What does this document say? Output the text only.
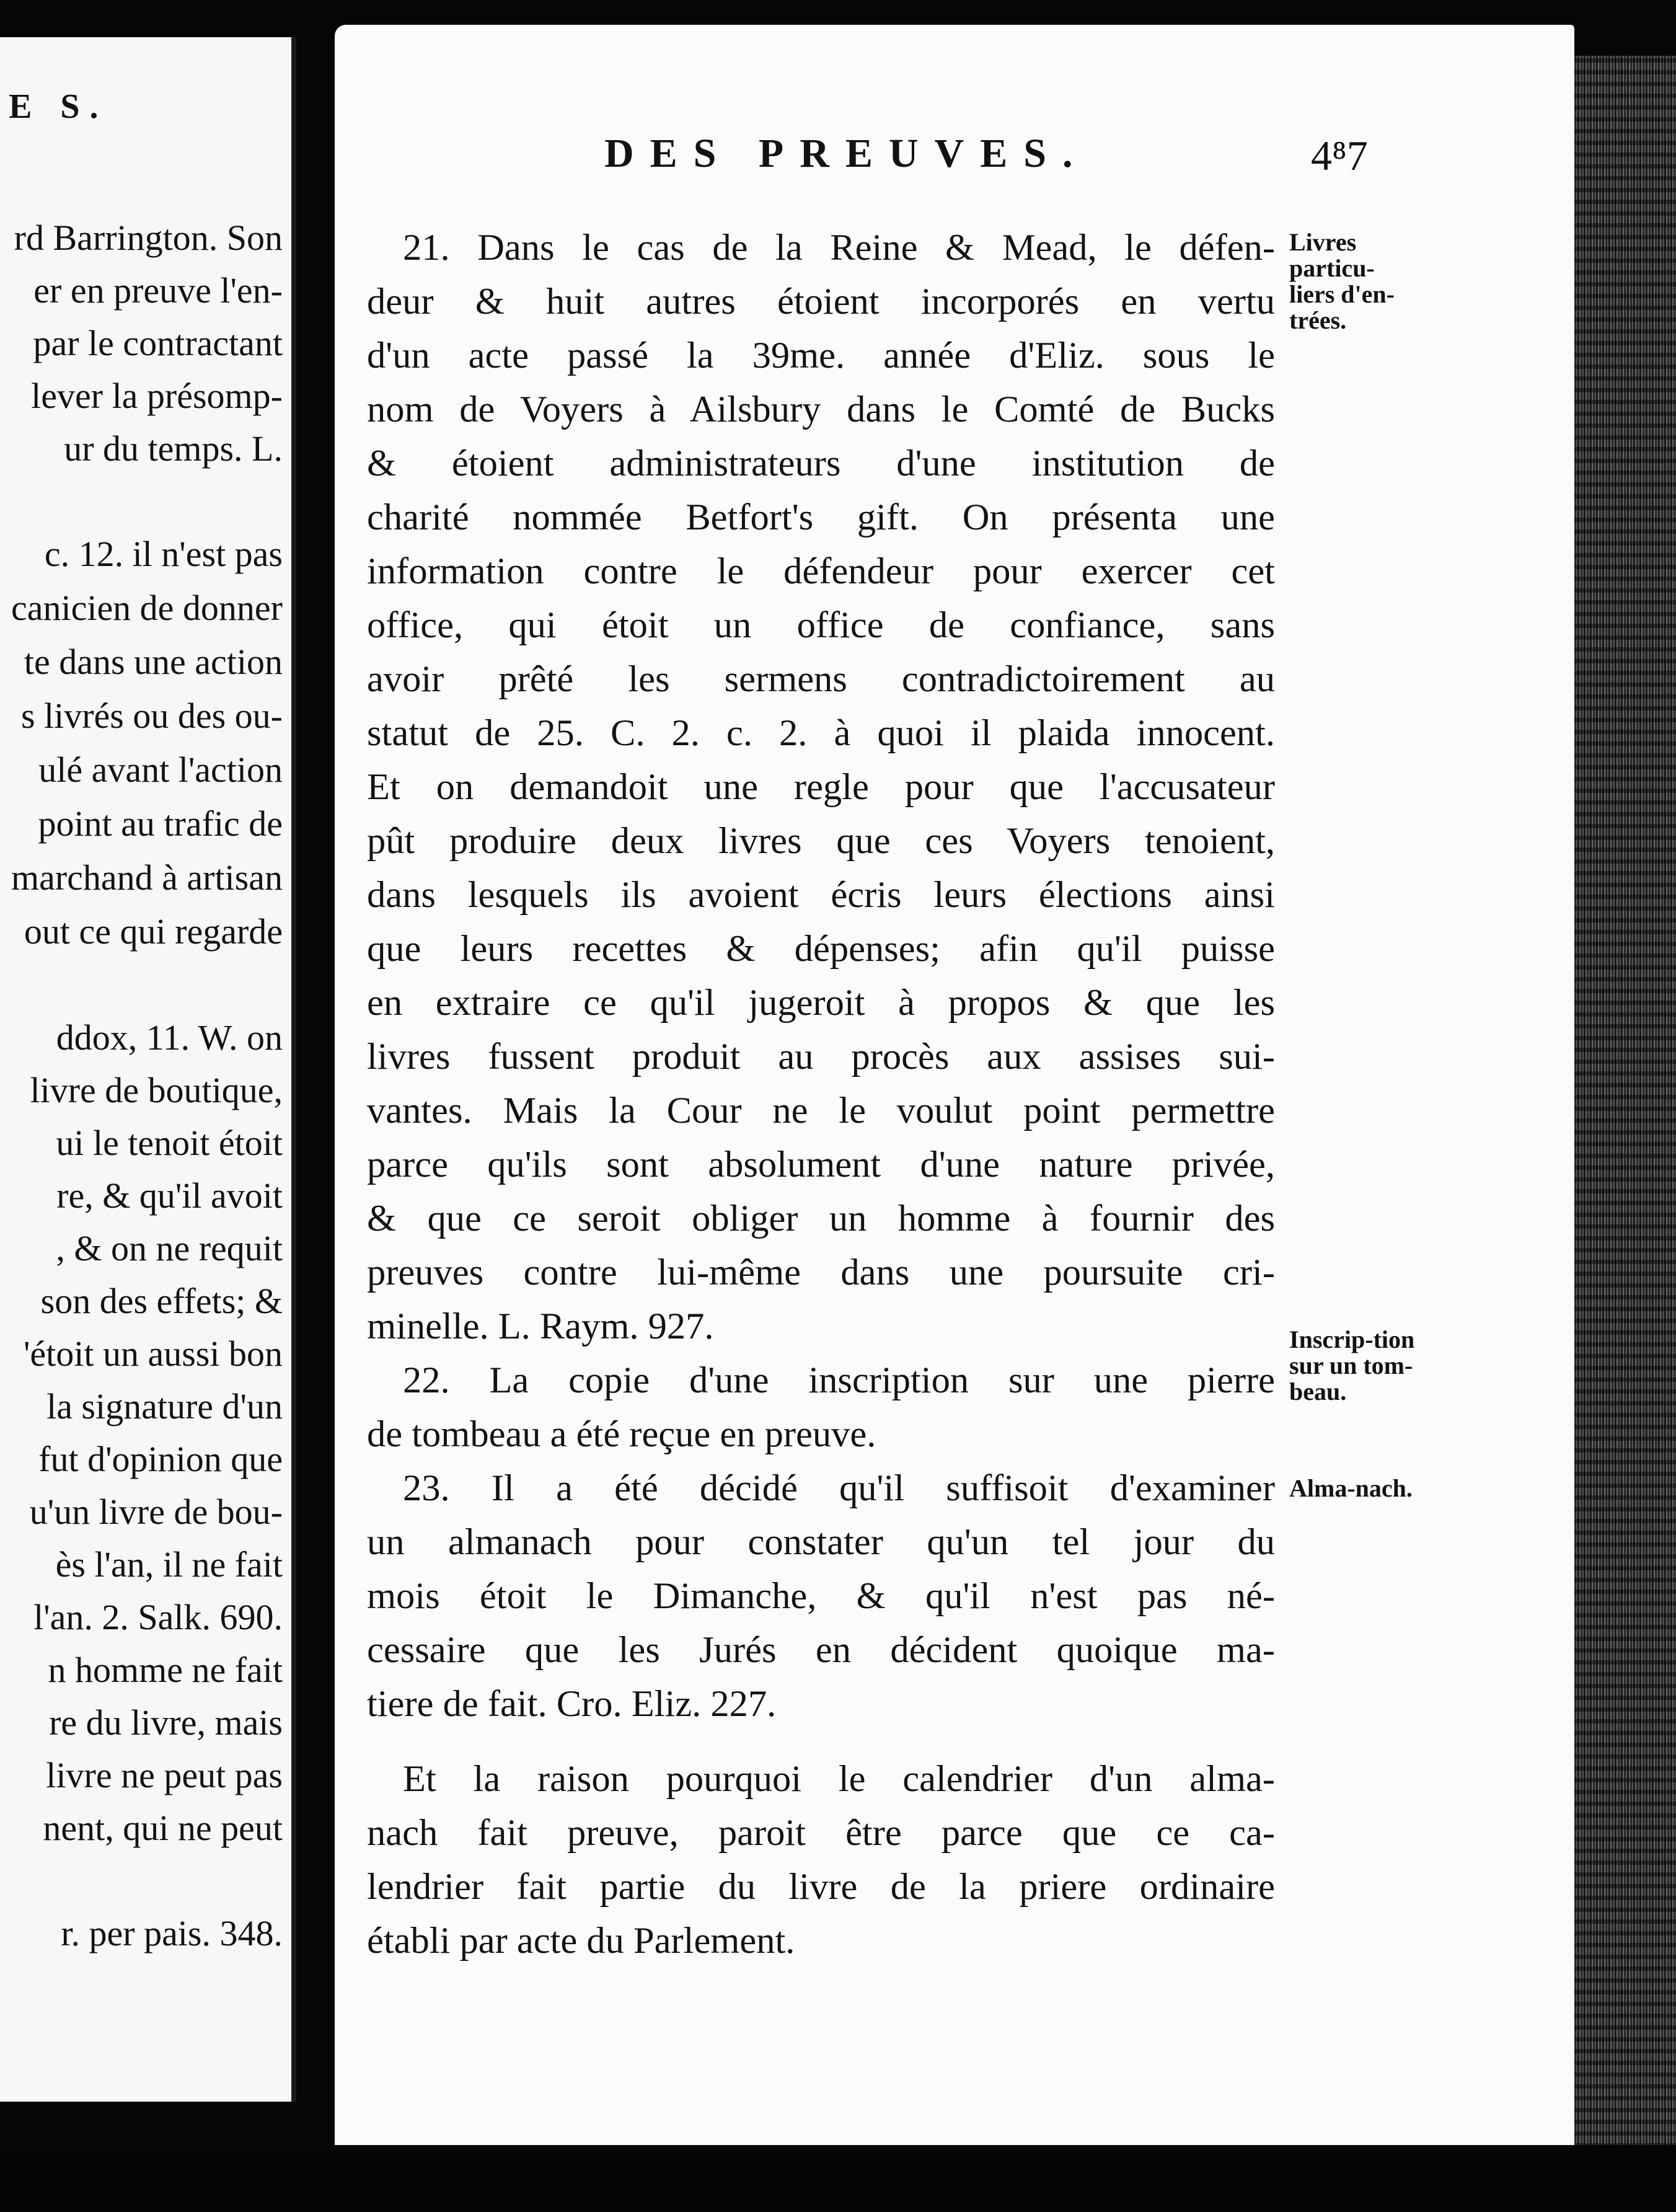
E S.
rd Barrington. Son
er en preuve l'en-
par le contractant
lever la présomp-
ur du temps. L.
c. 12. il n'est pas
canicien de donner
te dans une action
s livrés ou des ou-
ulé avant l'action
point au trafic de
marchand à artisan
out ce qui regarde
ddox, 11. W. on
livre de boutique,
ui le tenoit étoit
re, & qu'il avoit
, & on ne requit
son des effets; &
'étoit un aussi bon
la signature d'un
fut d'opinion que
u'un livre de bou-
ès l'an, il ne fait
l'an. 2. Salk. 690.
n homme ne fait
re du livre, mais
livre ne peut pas
nent, qui ne peut
r. per pais. 348.
DES PREUVES.	4⁸7
21. Dans le cas de la Reine & Mead, le défen-
deur & huit autres étoient incorporés en vertu
d'un acte passé la 39me. année d'Eliz. sous le
nom de Voyers à Ailsbury dans le Comté de Bucks
& étoient administrateurs d'une institution de
charité nommée Betfort's gift. On présenta une
information contre le défendeur pour exercer cet
office, qui étoit un office de confiance, sans
avoir prêté les sermens contradictoirement au
statut de 25. C. 2. c. 2. à quoi il plaida innocent.
Et on demandoit une regle pour que l'accusateur
pût produire deux livres que ces Voyers tenoient,
dans lesquels ils avoient écris leurs élections ainsi
que leurs recettes & dépenses; afin qu'il puisse
en extraire ce qu'il jugeroit à propos & que les
livres fussent produit au procès aux assises sui-
vantes. Mais la Cour ne le voulut point permettre
parce qu'ils sont absolument d'une nature privée,
& que ce seroit obliger un homme à fournir des
preuves contre lui-même dans une poursuite cri-
minelle. L. Raym. 927.
22. La copie d'une inscription sur une pierre
de tombeau a été reçue en preuve.
23. Il a été décidé qu'il suffisoit d'examiner
un almanach pour constater qu'un tel jour du
mois étoit le Dimanche, & qu'il n'est pas né-
cessaire que les Jurés en décident quoique ma-
tiere de fait. Cro. Eliz. 227.
Et la raison pourquoi le calendrier d'un alma-
nach fait preuve, paroit être parce que ce ca-
lendrier fait partie du livre de la priere ordinaire
établi par acte du Parlement.
Livres particu-liers d'en-trées.
Inscrip-tion sur un tom-beau.
Alma-nach.
